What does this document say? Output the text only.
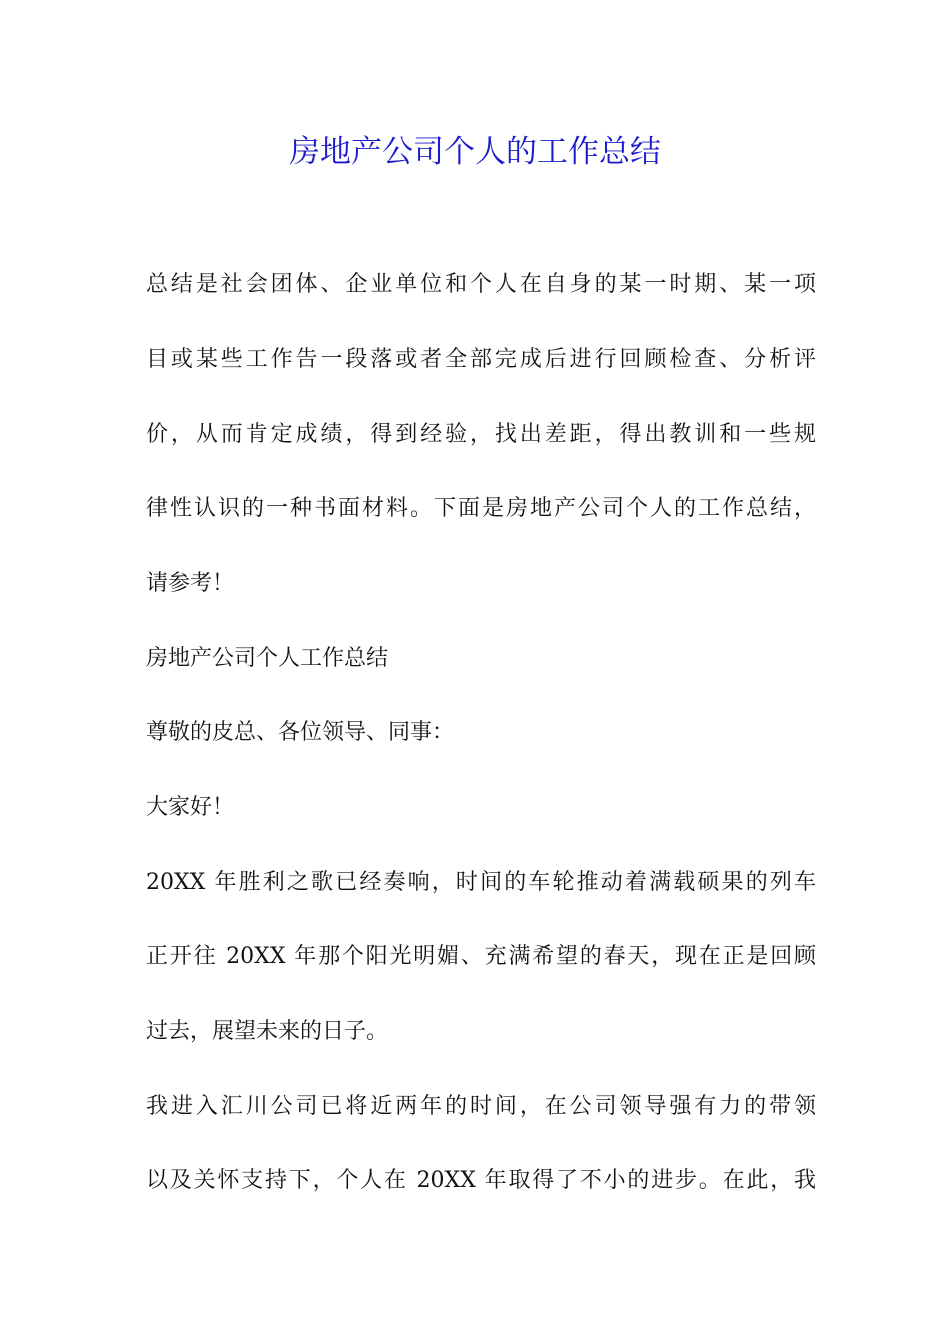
房地产公司个人的工作总结

总结是社会团体、企业单位和个人在自身的某一时期、某一项

目或某些工作告一段落或者全部完成后进行回顾检查、分析评

价，从而肯定成绩，得到经验，找出差距，得出教训和一些规

律性认识的一种书面材料。下面是房地产公司个人的工作总结，

请参考！

房地产公司个人工作总结

尊敬的皮总、各位领导、同事：

大家好！

20XX 年胜利之歌已经奏响，时间的车轮推动着满载硕果的列车

正开往 20XX 年那个阳光明媚、充满希望的春天，现在正是回顾

过去，展望未来的日子。

我进入汇川公司已将近两年的时间，在公司领导强有力的带领

以及关怀支持下，个人在 20XX 年取得了不小的进步。在此，我
